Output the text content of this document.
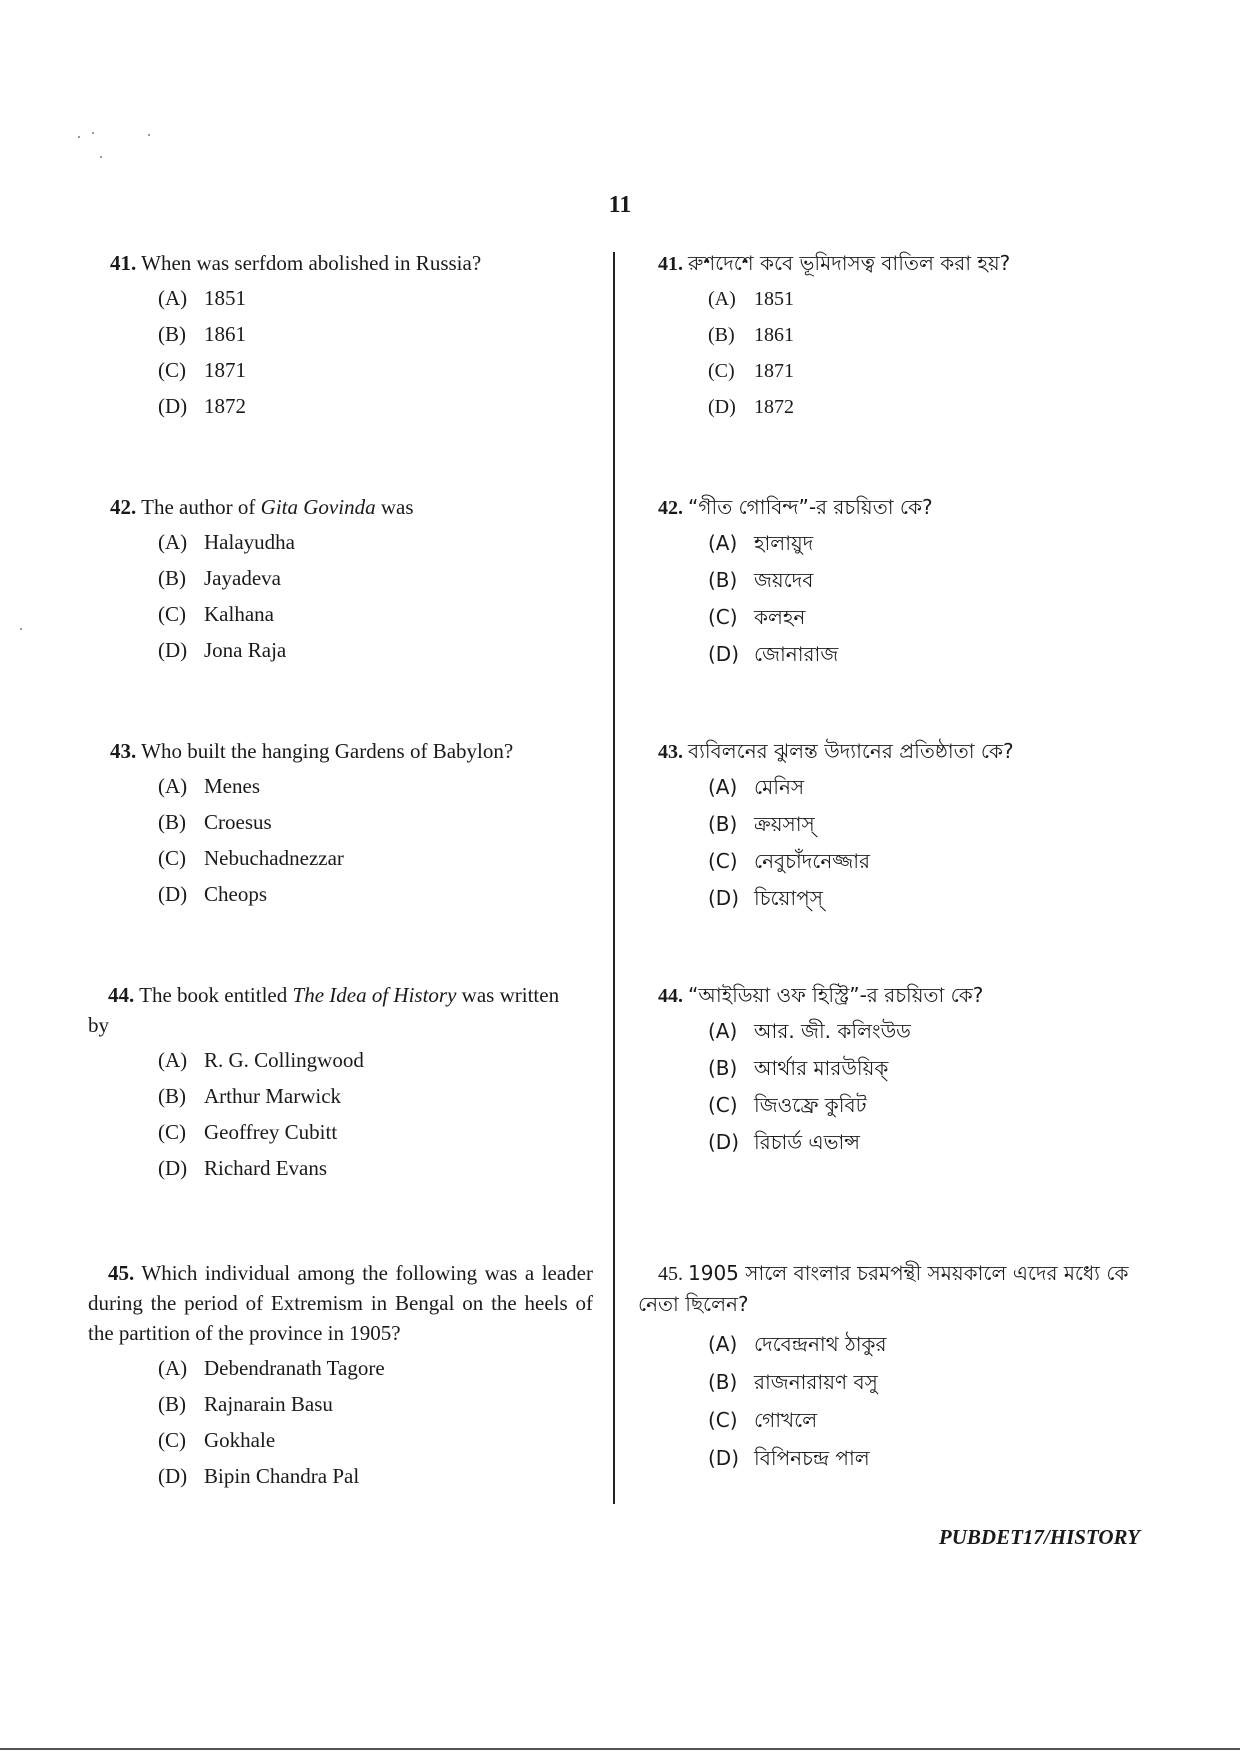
11
41. When was serfdom abolished in Russia?
(A) 1851
(B) 1861
(C) 1871
(D) 1872
42. The author of Gita Govinda was
(A) Halayudha
(B) Jayadeva
(C) Kalhana
(D) Jona Raja
43. Who built the hanging Gardens of Babylon?
(A) Menes
(B) Croesus
(C) Nebuchadnezzar
(D) Cheops
44. The book entitled The Idea of History was written by
(A) R. G. Collingwood
(B) Arthur Marwick
(C) Geoffrey Cubitt
(D) Richard Evans
45. Which individual among the following was a leader during the period of Extremism in Bengal on the heels of the partition of the province in 1905?
(A) Debendranath Tagore
(B) Rajnarain Basu
(C) Gokhale
(D) Bipin Chandra Pal
41. রুশদেশে কবে ভূমিদাসত্ব বাতিল করা হয়?
(A) 1851
(B) 1861
(C) 1871
(D) 1872
42. “গীত গোবিন্দ”-র রচয়িতা কে?
(A) হালায়ুদ
(B) জয়দেব
(C) কলহন
(D) জোনারাজ
43. ব্যবিলনের ঝুলন্ত উদ্যানের প্রতিষ্ঠাতা কে?
(A) মেনিস
(B) ক্রয়সাস্
(C) নেবুচাঁদনেজ্জার
(D) চিয়োপ্স্
44. “আইডিয়া ওফ হিস্ট্রি”-র রচয়িতা কে?
(A) আর. জী. কলিংউড
(B) আর্থার মারউয়িক্
(C) জিওফ্রে কুবিট
(D) রিচার্ড এভান্স
45. 1905 সালে বাংলার চরমপন্থী সময়কালে এদের মধ্যে কে নেতা ছিলেন?
(A) দেবেন্দ্রনাথ ঠাকুর
(B) রাজনারায়ণ বসু
(C) গোখলে
(D) বিপিনচন্দ্র পাল
PUBDET17/HISTORY
